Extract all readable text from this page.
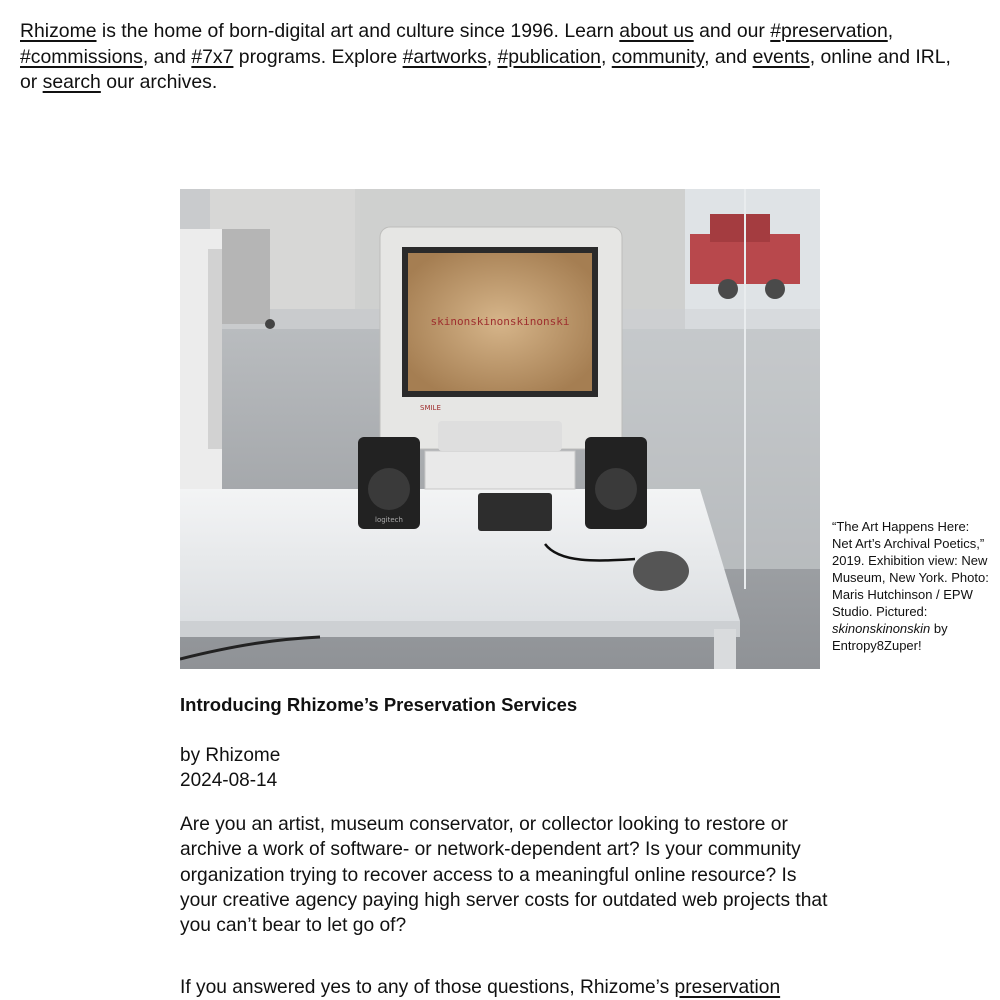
Rhizome is the home of born-digital art and culture since 1996. Learn about us and our #preservation, #commissions, and #7x7 programs. Explore #artworks, #publication, community, and events, online and IRL, or search our archives.

skinonskinonskinonski
SMILE
logitech	“The Art Happens Here: Net Art’s Archival Poetics,” 2019. Exhibition view: New Museum, New York. Photo: Maris Hutchinson / EPW Studio. Pictured: skinonskinonskin by Entropy8Zuper!

Introducing Rhizome’s Preservation Services
by Rhizome
2024-08-14

Are you an artist, museum conservator, or collector looking to restore or archive a work of software- or network-dependent art? Is your community organization trying to recover access to a meaningful online resource? Is your creative agency paying high server costs for outdated web projects that you can’t bear to let go of?

If you answered yes to any of those questions, Rhizome’s preservation
